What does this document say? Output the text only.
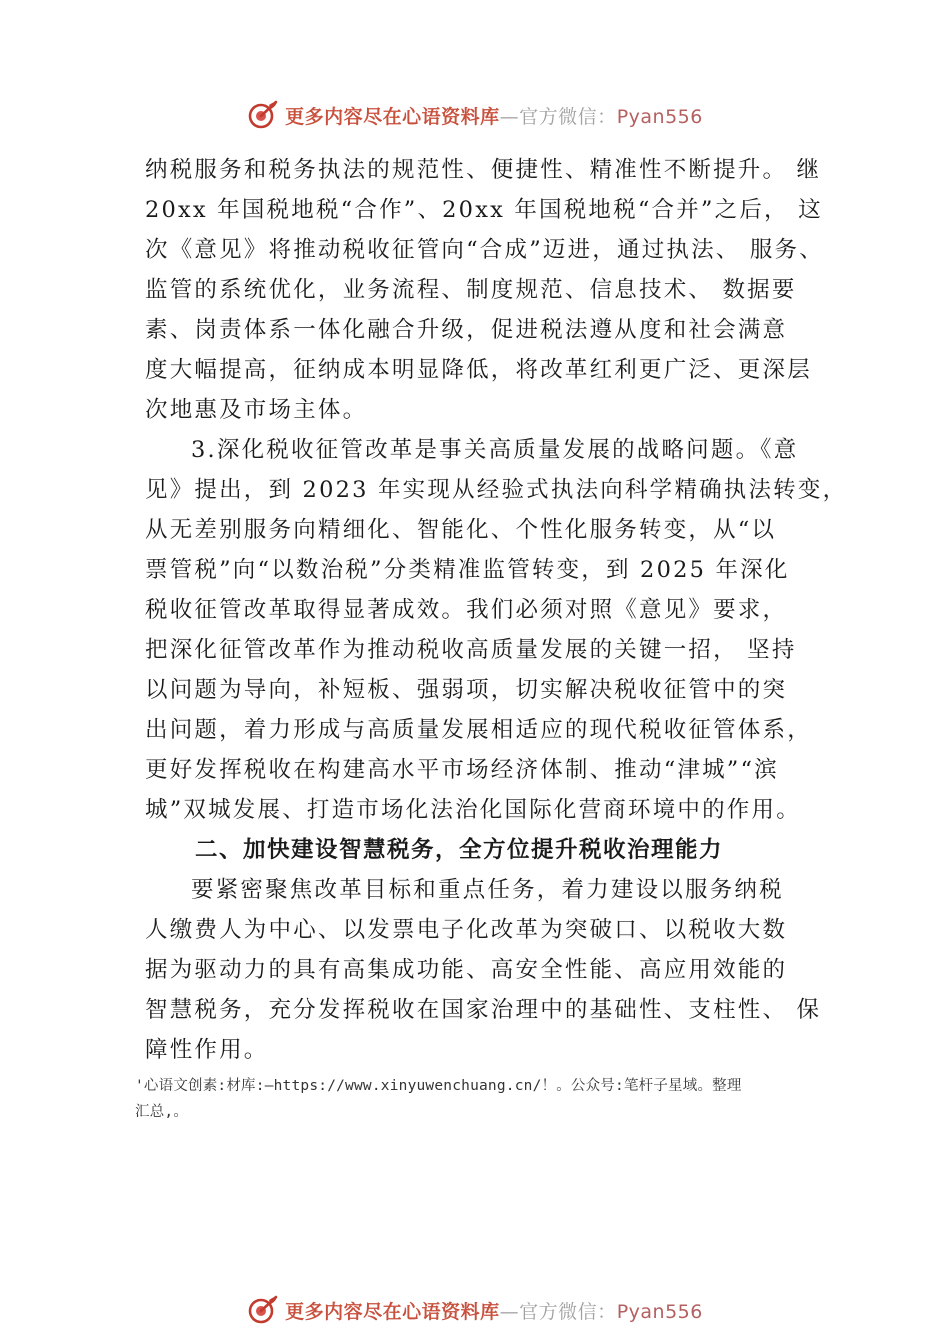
更多内容尽在心语资料库—官方微信：Pyan556
纳税服务和税务执法的规范性、便捷性、精准性不断提升。 继
20xx 年国税地税“合作”、20xx 年国税地税“合并”之后， 这
次《意见》将推动税收征管向“合成”迈进，通过执法、 服务、
监管的系统优化，业务流程、制度规范、信息技术、 数据要
素、岗责体系一体化融合升级，促进税法遵从度和社会满意
度大幅提高，征纳成本明显降低，将改革红利更广泛、更深层
次地惠及市场主体。
3.深化税收征管改革是事关高质量发展的战略问题。《意
见》提出，到 2023 年实现从经验式执法向科学精确执法转变，
从无差别服务向精细化、智能化、个性化服务转变，从“以
票管税”向“以数治税”分类精准监管转变，到 2025 年深化
税收征管改革取得显著成效。我们必须对照《意见》要求，
把深化征管改革作为推动税收高质量发展的关键一招， 坚持
以问题为导向，补短板、强弱项，切实解决税收征管中的突
出问题，着力形成与高质量发展相适应的现代税收征管体系，
更好发挥税收在构建高水平市场经济体制、推动“津城”“滨
城”双城发展、打造市场化法治化国际化营商环境中的作用。
二、加快建设智慧税务，全方位提升税收治理能力
要紧密聚焦改革目标和重点任务，着力建设以服务纳税
人缴费人为中心、以发票电子化改革为突破口、以税收大数
据为驱动力的具有高集成功能、高安全性能、高应用效能的
智慧税务，充分发挥税收在国家治理中的基础性、支柱性、 保
障性作用。
'心语文创素:材库:—https://www.xinyuwenchuang.cn/！。公众号:笔杆子星域。整理
汇总,。
更多内容尽在心语资料库—官方微信：Pyan556
